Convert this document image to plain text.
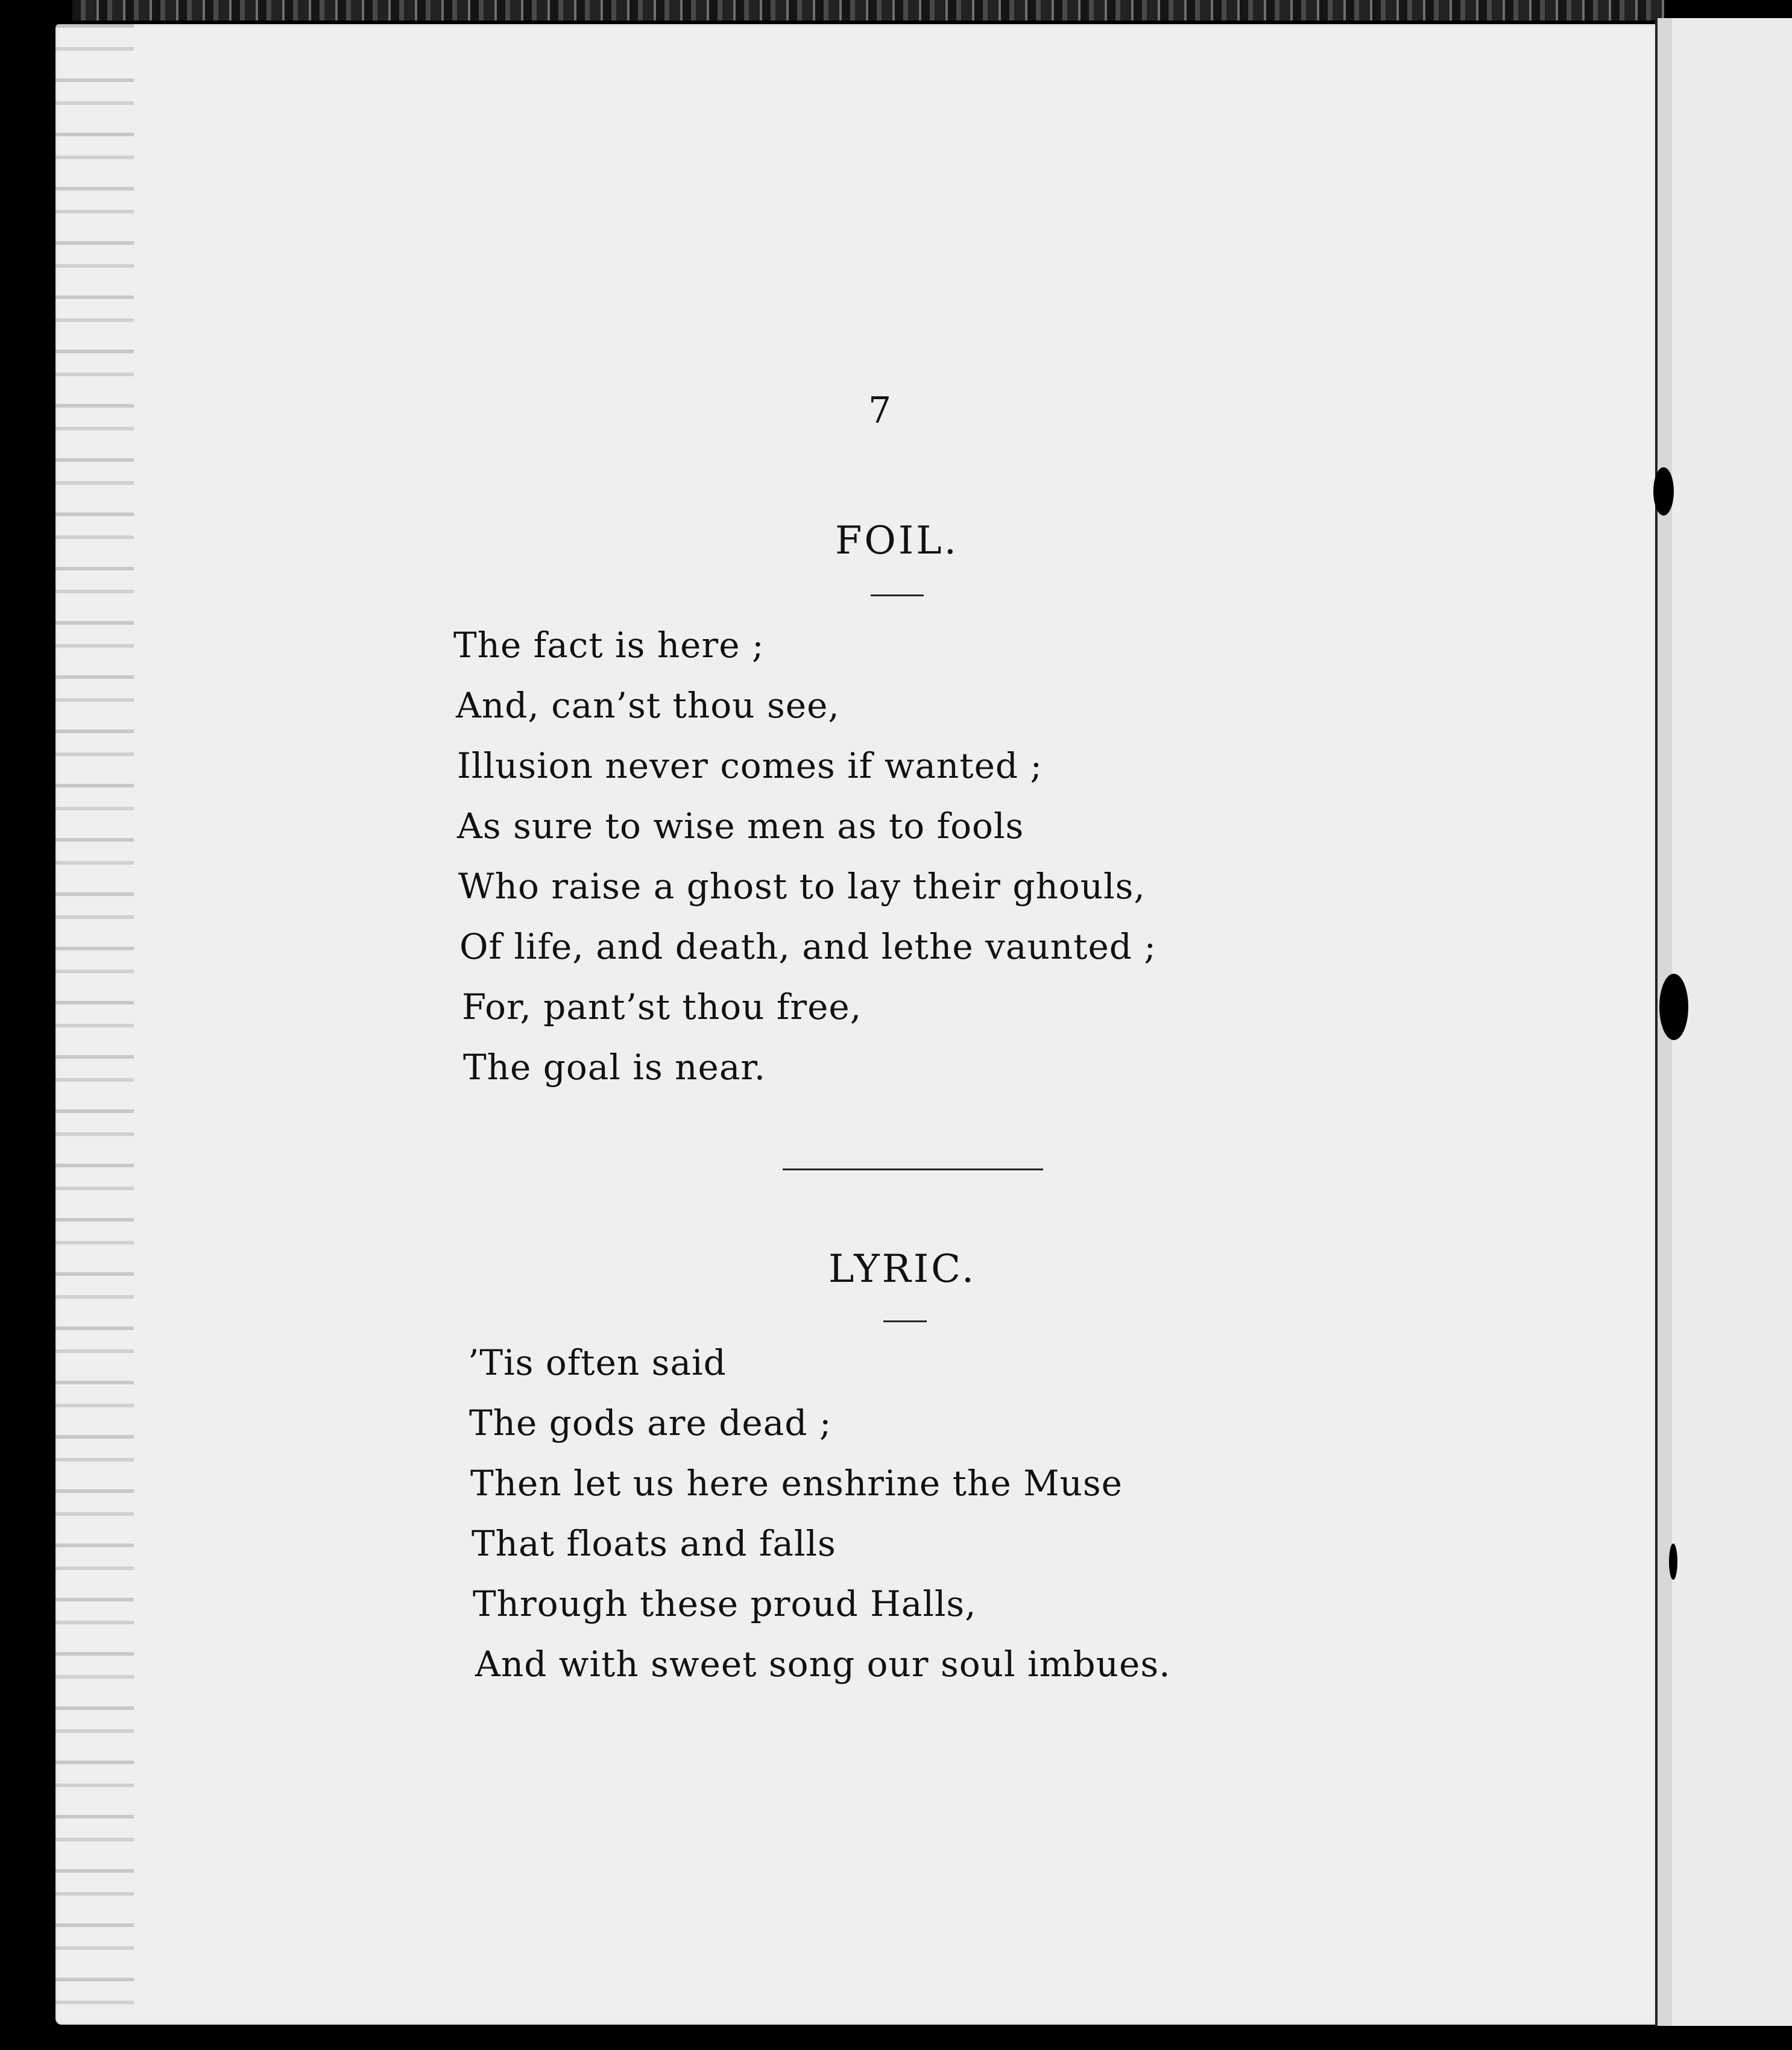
7
FOIL.
The fact is here ;
And, can’st thou see,
Illusion never comes if wanted ;
As sure to wise men as to fools
Who raise a ghost to lay their ghouls,
Of life, and death, and lethe vaunted ;
For, pant’st thou free,
The goal is near.
LYRIC.
’Tis often said
The gods are dead ;
Then let us here enshrine the Muse
That floats and falls
Through these proud Halls,
And with sweet song our soul imbues.
